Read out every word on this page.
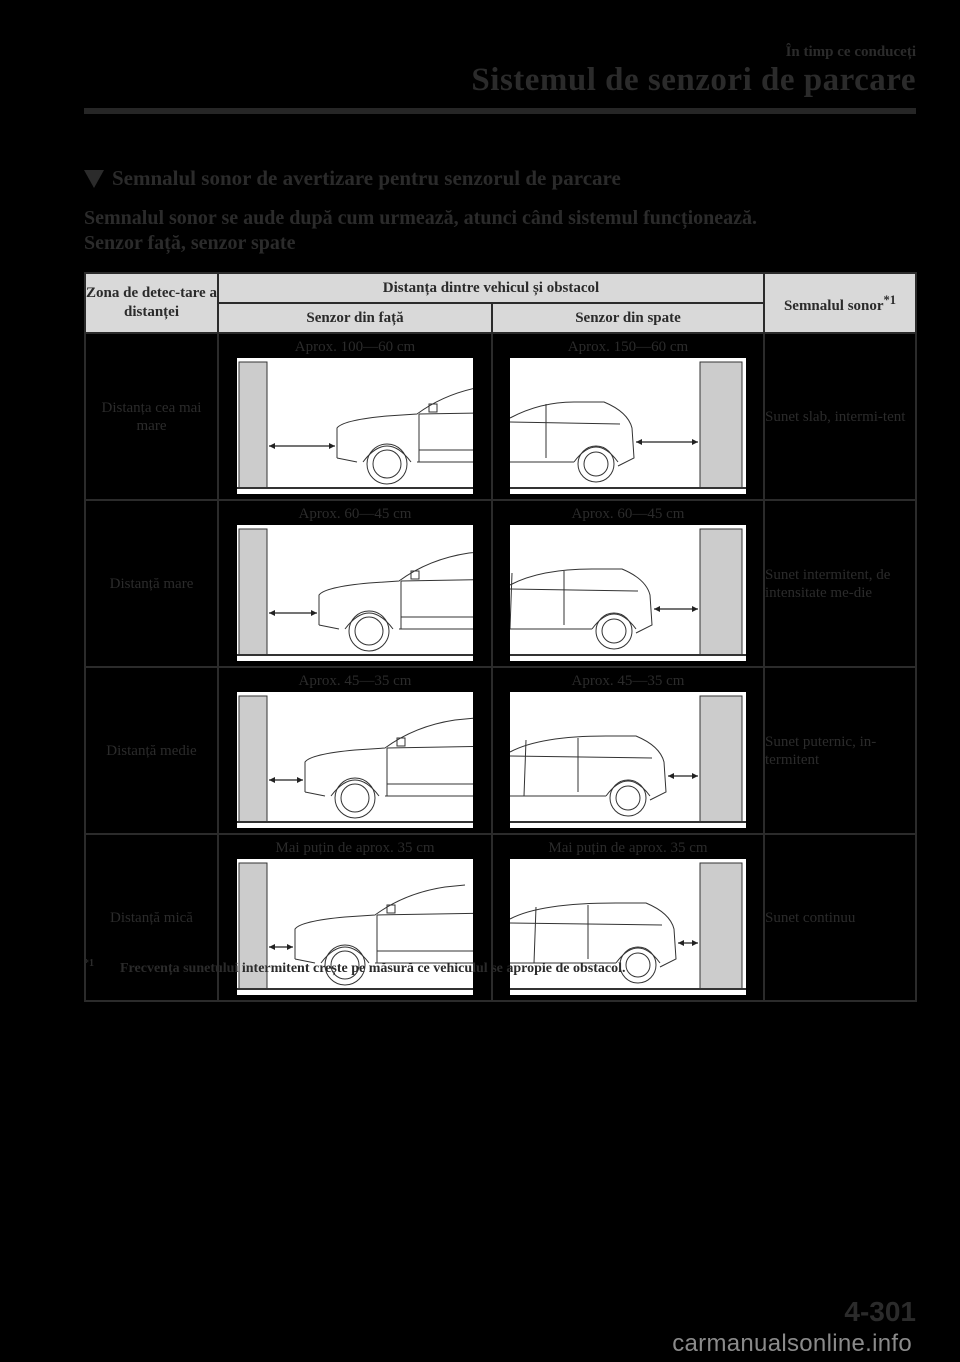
În timp ce conduceți
Sistemul de senzori de parcare
Semnalul sonor de avertizare pentru senzorul de parcare
Semnalul sonor se aude după cum urmează, atunci când sistemul funcționează.
Senzor față, senzor spate
Zona de detec-tare a distanței	Distanța dintre vehicul și obstacol		Semnalul sonor$^{*1}$
	Senzor din față	Senzor din spate	
Distanța cea mai mare	Aprox. 100—60 cm	Aprox. 150—60 cm	Sunet slab, intermi-tent
Distanță mare	Aprox. 60—45 cm	Aprox. 60—45 cm	Sunet intermitent, de intensitate me-die
Distanță medie	Aprox. 45—35 cm	Aprox. 45—35 cm	Sunet puternic, in-termitent
Distanță mică	Mai puțin de aprox. 35 cm	Mai puțin de aprox. 35 cm	Sunet continuu
$^{*1}$ Frecvența sunetului intermitent crește pe măsură ce vehiculul se apropie de obstacol.
4-301
carmanualsonline.info
